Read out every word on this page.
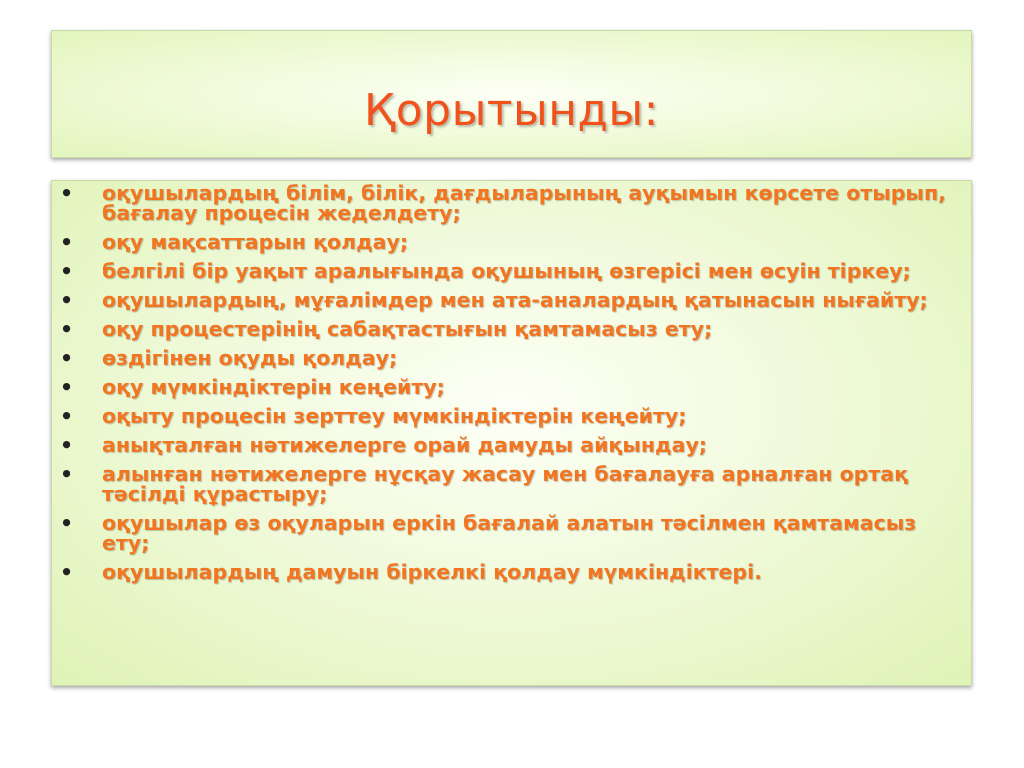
Қорытынды:
• оқушылардың білім, білік, дағдыларының ауқымын көрсете отырып, бағалау процесін жеделдету;
• оқу мақсаттарын қолдау;
• белгілі бір уақыт аралығында оқушының өзгерісі мен өсуін тіркеу;
• оқушылардың, мұғалімдер мен ата-аналардың қатынасын нығайту;
• оқу процестерінің сабақтастығын қамтамасыз ету;
• өздігінен оқуды қолдау;
• оқу мүмкіндіктерін кеңейту;
• оқыту процесін зерттеу мүмкіндіктерін кеңейту;
• анықталған нәтижелерге орай дамуды айқындау;
• алынған нәтижелерге нұсқау жасау мен бағалауға арналған ортақ тәсілді құрастыру;
• оқушылар өз оқуларын еркін бағалай алатын тәсілмен қамтамасыз ету;
• оқушылардың дамуын біркелкі қолдау мүмкіндіктері.
